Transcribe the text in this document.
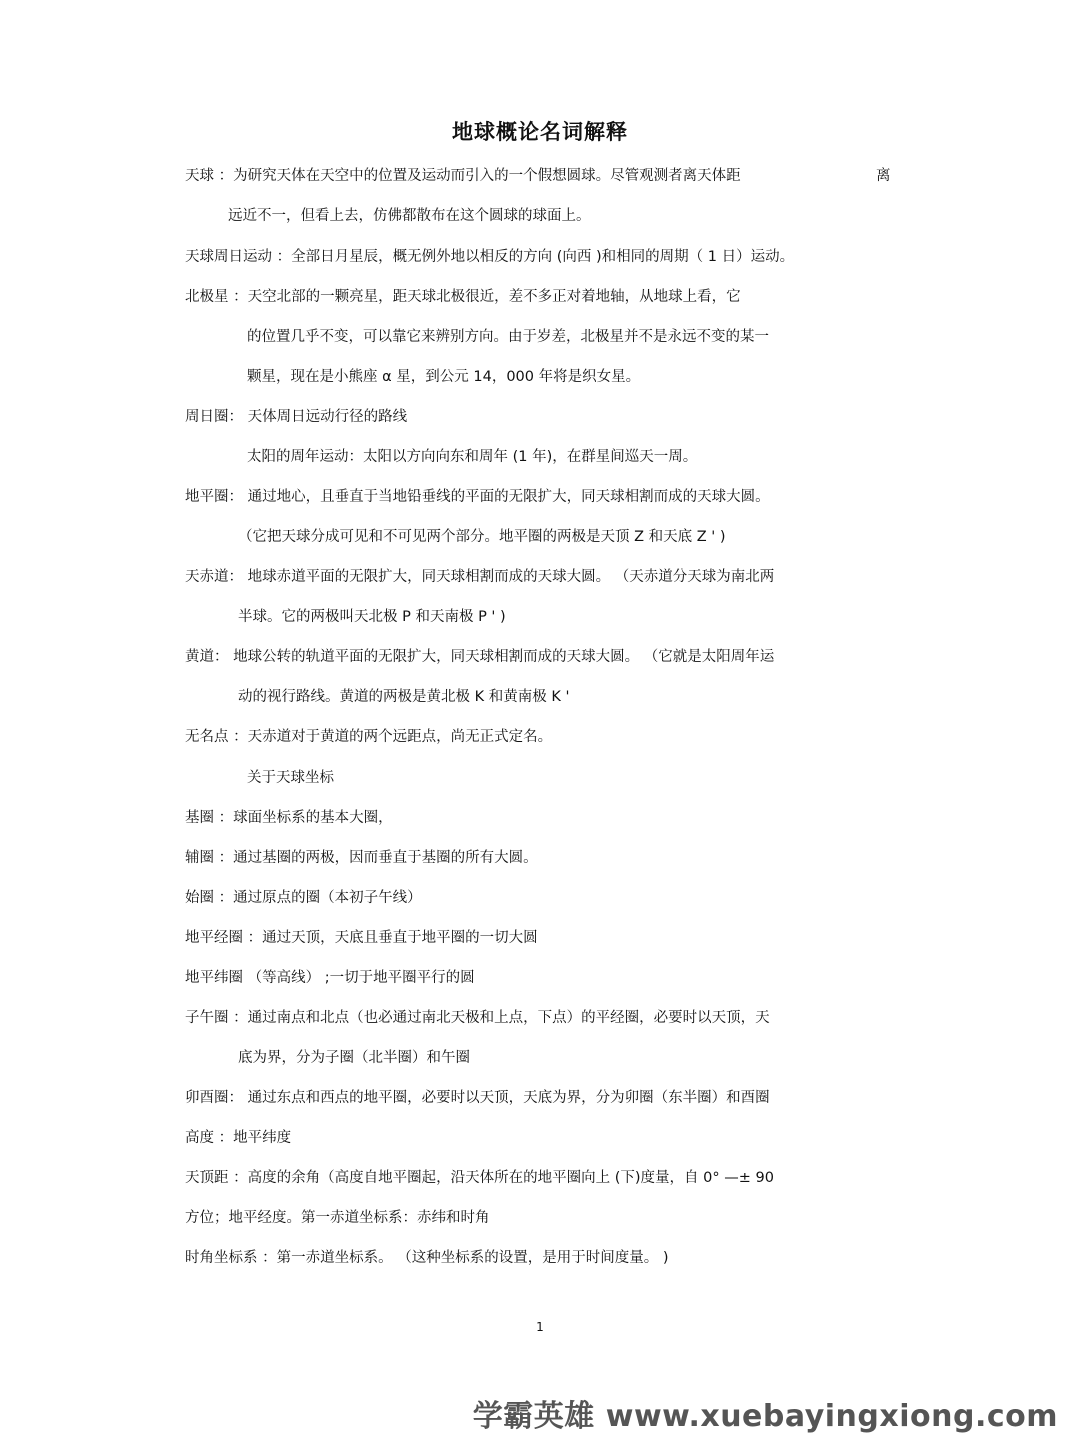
地球概论名词解释
天球 ：为研究天体在天空中的位置及运动而引入的一个假想圆球。尽管观测者离天体距	离
远近不一，但看上去，仿佛都散布在这个圆球的球面上。
天球周日运动 ：全部日月星辰，概无例外地以相反的方向 (向西 )和相同的周期（ 1 日）运动。
北极星 ：天空北部的一颗亮星，距天球北极很近，差不多正对着地轴，从地球上看，它
的位置几乎不变，可以靠它来辨别方向。由于岁差，北极星并不是永远不变的某一
颗星，现在是小熊座 α 星，到公元 14，000 年将是织女星。
周日圈： 天体周日远动行径的路线
太阳的周年运动：太阳以方向向东和周年 (1 年)，在群星间巡天一周。
地平圈： 通过地心，且垂直于当地铅垂线的平面的无限扩大，同天球相割而成的天球大圆。
（它把天球分成可见和不可见两个部分。地平圈的两极是天顶 Z 和天底 Z ' )
天赤道： 地球赤道平面的无限扩大，同天球相割而成的天球大圆。 （天赤道分天球为南北两
半球。它的两极叫天北极 P 和天南极 P ' )
黄道： 地球公转的轨道平面的无限扩大，同天球相割而成的天球大圆。 （它就是太阳周年运
动的视行路线。黄道的两极是黄北极 K 和黄南极 K '
无名点 ：天赤道对于黄道的两个远距点，尚无正式定名。
关于天球坐标
基圈 ：球面坐标系的基本大圈，
辅圈 ：通过基圈的两极，因而垂直于基圈的所有大圆。
始圈 ：通过原点的圈（本初子午线）
地平经圈 ：通过天顶，天底且垂直于地平圈的一切大圆
地平纬圈 （等高线） ;一切于地平圈平行的圆
子午圈 ：通过南点和北点（也必通过南北天极和上点，下点）的平经圈，必要时以天顶，天
底为界，分为子圈（北半圈）和午圈
卯酉圈： 通过东点和西点的地平圈，必要时以天顶，天底为界，分为卯圈（东半圈）和酉圈
高度 ：地平纬度
天顶距 ：高度的余角（高度自地平圈起，沿天体所在的地平圈向上 (下)度量，自 0° —± 90
方位；地平经度。第一赤道坐标系：赤纬和时角
时角坐标系 ：第一赤道坐标系。 （这种坐标系的设置，是用于时间度量。 )
1
学霸英雄 www.xuebayingxiong.com
